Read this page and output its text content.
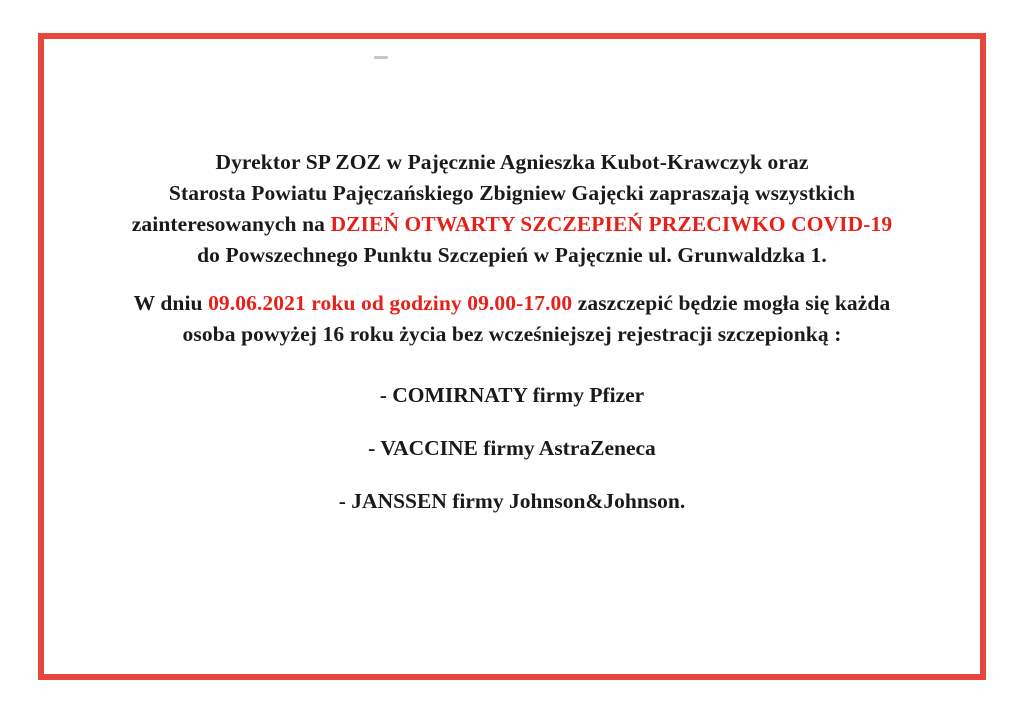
Dyrektor SP ZOZ w Pajęcznie Agnieszka Kubot-Krawczyk oraz
Starosta Powiatu Pajęczańskiego Zbigniew Gajęcki zapraszają wszystkich
zainteresowanych na DZIEŃ OTWARTY SZCZEPIEŃ PRZECIWKO COVID-19
do Powszechnego Punktu Szczepień w Pajęcznie ul. Grunwaldzka 1.
W dniu 09.06.2021 roku od godziny 09.00-17.00 zaszczepić będzie mogła się każda
osoba powyżej 16 roku życia bez wcześniejszej rejestracji szczepionką :
- COMIRNATY firmy Pfizer
- VACCINE firmy AstraZeneca
- JANSSEN firmy Johnson&Johnson.
